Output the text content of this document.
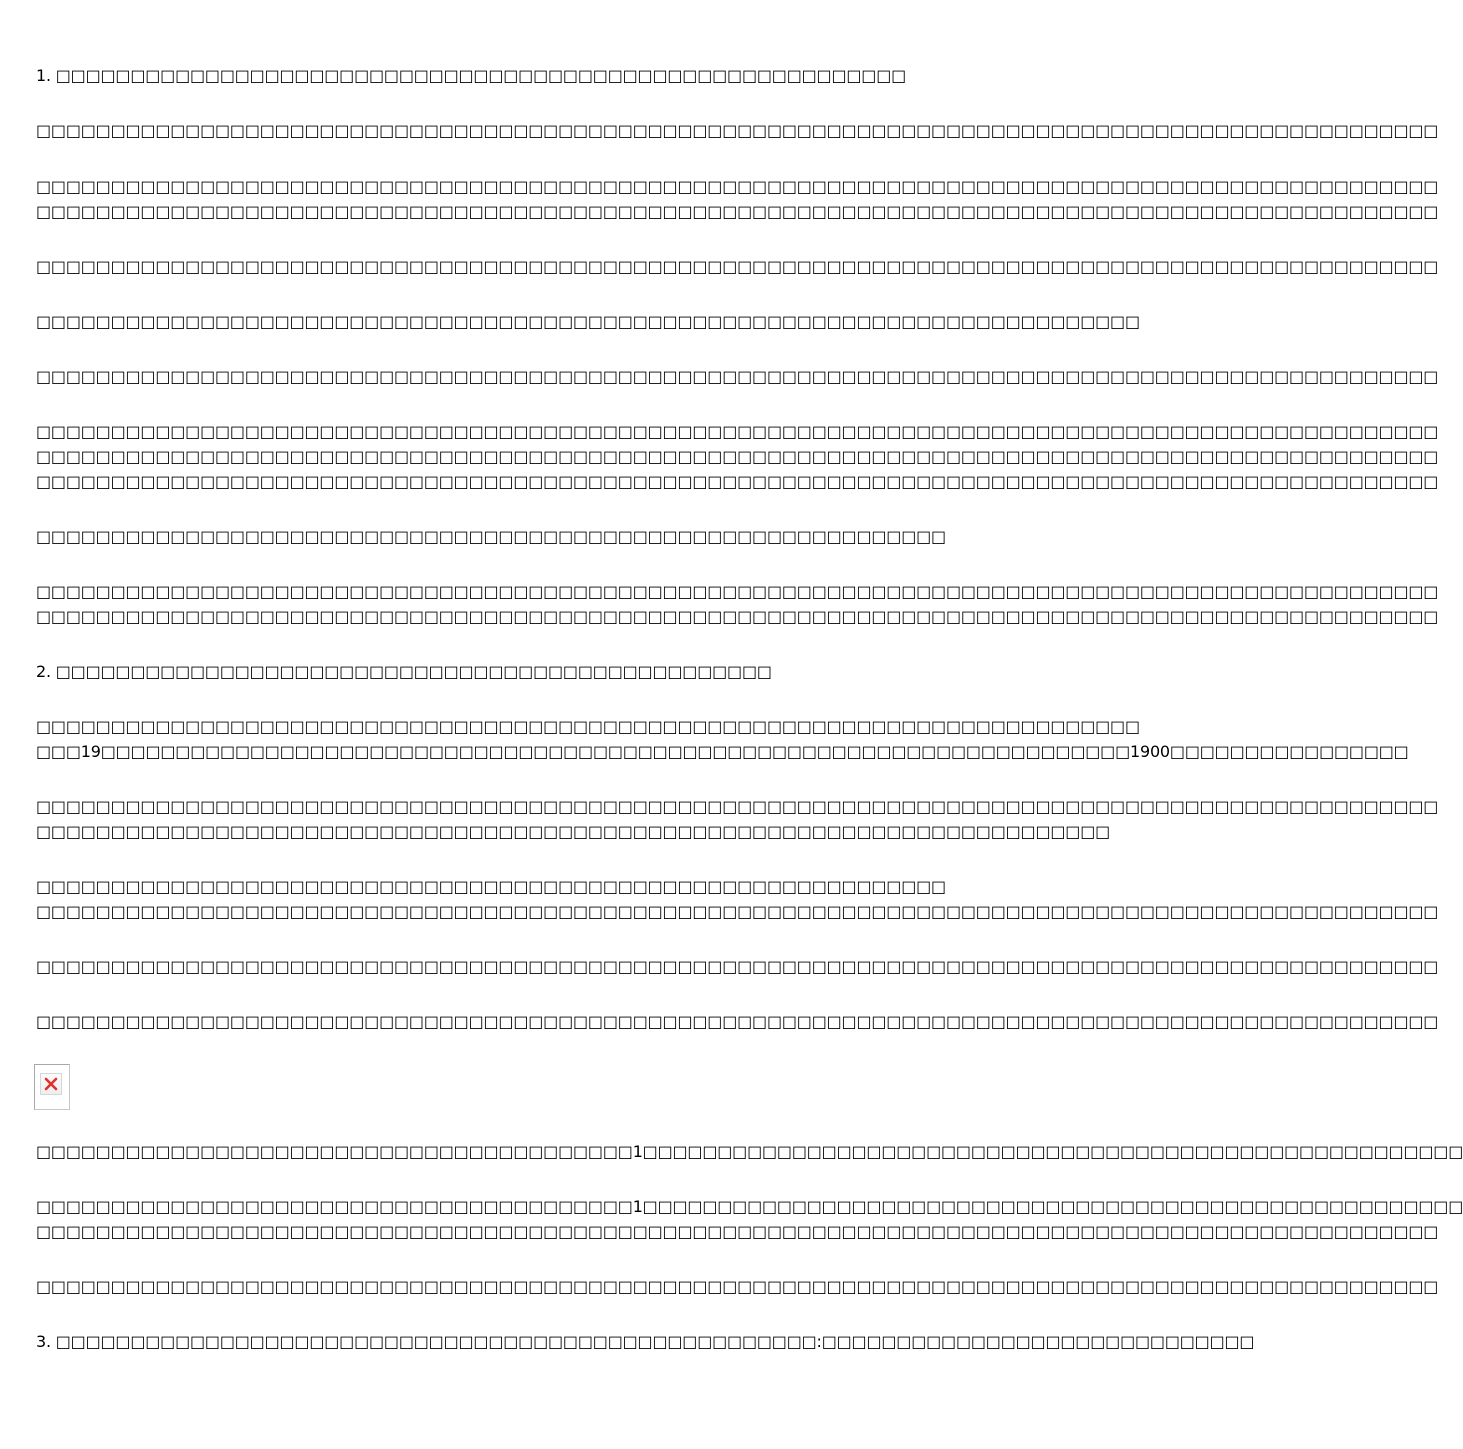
1. □□□□□□□□□□□□□□□□□□□□□□□□□□□□□□□□□□□□□□□□□□□□□□□□□□□□□□□□□
□□□□□□□□□□□□□□□□□□□□□□□□□□□□□□□□□□□□□□□□□□□□□□□□□□□□□□□□□□□□□□□□□□□□□□□□□□□□□□□□□□□□□□□□□□□□□□
□□□□□□□□□□□□□□□□□□□□□□□□□□□□□□□□□□□□□□□□□□□□□□□□□□□□□□□□□□□□□□□□□□□□□□□□□□□□□□□□□□□□□□□□□□□□□□
□□□□□□□□□□□□□□□□□□□□□□□□□□□□□□□□□□□□□□□□□□□□□□□□□□□□□□□□□□□□□□□□□□□□□□□□□□□□□□□□□□□□□□□□□□□□□□
□□□□□□□□□□□□□□□□□□□□□□□□□□□□□□□□□□□□□□□□□□□□□□□□□□□□□□□□□□□□□□□□□□□□□□□□□□□□□□□□□□□□□□□□□□□□□□
□□□□□□□□□□□□□□□□□□□□□□□□□□□□□□□□□□□□□□□□□□□□□□□□□□□□□□□□□□□□□□□□□□□□□□□□□□
□□□□□□□□□□□□□□□□□□□□□□□□□□□□□□□□□□□□□□□□□□□□□□□□□□□□□□□□□□□□□□□□□□□□□□□□□□□□□□□□□□□□□□□□□□□□□□
□□□□□□□□□□□□□□□□□□□□□□□□□□□□□□□□□□□□□□□□□□□□□□□□□□□□□□□□□□□□□□□□□□□□□□□□□□□□□□□□□□□□□□□□□□□□□□
□□□□□□□□□□□□□□□□□□□□□□□□□□□□□□□□□□□□□□□□□□□□□□□□□□□□□□□□□□□□□□□□□□□□□□□□□□□□□□□□□□□□□□□□□□□□□□
□□□□□□□□□□□□□□□□□□□□□□□□□□□□□□□□□□□□□□□□□□□□□□□□□□□□□□□□□□□□□□□□□□□□□□□□□□□□□□□□□□□□□□□□□□□□□□
□□□□□□□□□□□□□□□□□□□□□□□□□□□□□□□□□□□□□□□□□□□□□□□□□□□□□□□□□□□□□
□□□□□□□□□□□□□□□□□□□□□□□□□□□□□□□□□□□□□□□□□□□□□□□□□□□□□□□□□□□□□□□□□□□□□□□□□□□□□□□□□□□□□□□□□□□□□□
□□□□□□□□□□□□□□□□□□□□□□□□□□□□□□□□□□□□□□□□□□□□□□□□□□□□□□□□□□□□□□□□□□□□□□□□□□□□□□□□□□□□□□□□□□□□□□
2. □□□□□□□□□□□□□□□□□□□□□□□□□□□□□□□□□□□□□□□□□□□□□□□□
□□□□□□□□□□□□□□□□□□□□□□□□□□□□□□□□□□□□□□□□□□□□□□□□□□□□□□□□□□□□□□□□□□□□□□□□□□
□□□19□□□□□□□□□□□□□□□□□□□□□□□□□□□□□□□□□□□□□□□□□□□□□□□□□□□□□□□□□□□□□□□□□□□□□1900□□□□□□□□□□□□□□□□
□□□□□□□□□□□□□□□□□□□□□□□□□□□□□□□□□□□□□□□□□□□□□□□□□□□□□□□□□□□□□□□□□□□□□□□□□□□□□□□□□□□□□□□□□□□□□□
□□□□□□□□□□□□□□□□□□□□□□□□□□□□□□□□□□□□□□□□□□□□□□□□□□□□□□□□□□□□□□□□□□□□□□□□
□□□□□□□□□□□□□□□□□□□□□□□□□□□□□□□□□□□□□□□□□□□□□□□□□□□□□□□□□□□□□
□□□□□□□□□□□□□□□□□□□□□□□□□□□□□□□□□□□□□□□□□□□□□□□□□□□□□□□□□□□□□□□□□□□□□□□□□□□□□□□□□□□□□□□□□□□□□□
□□□□□□□□□□□□□□□□□□□□□□□□□□□□□□□□□□□□□□□□□□□□□□□□□□□□□□□□□□□□□□□□□□□□□□□□□□□□□□□□□□□□□□□□□□□□□□
□□□□□□□□□□□□□□□□□□□□□□□□□□□□□□□□□□□□□□□□□□□□□□□□□□□□□□□□□□□□□□□□□□□□□□□□□□□□□□□□□□□□□□□□□□□□□□
□□□□□□□□□□□□□□□□□□□□□□□□□□□□□□□□□□□□□□□□1□□□□□□□□□□□□□□□□□□□□□□□□□□□□□□□□□□□□□□□□□□□□□□□□□□□□□□□
□□□□□□□□□□□□□□□□□□□□□□□□□□□□□□□□□□□□□□□□1□□□□□□□□□□□□□□□□□□□□□□□□□□□□□□□□□□□□□□□□□□□□□□□□□□□□□□□
□□□□□□□□□□□□□□□□□□□□□□□□□□□□□□□□□□□□□□□□□□□□□□□□□□□□□□□□□□□□□□□□□□□□□□□□□□□□□□□□□□□□□□□□□□□□□□
□□□□□□□□□□□□□□□□□□□□□□□□□□□□□□□□□□□□□□□□□□□□□□□□□□□□□□□□□□□□□□□□□□□□□□□□□□□□□□□□□□□□□□□□□□□□□□
3. □□□□□□□□□□□□□□□□□□□□□□□□□□□□□□□□□□□□□□□□□□□□□□□□□□□:□□□□□□□□□□□□□□□□□□□□□□□□□□□□□
